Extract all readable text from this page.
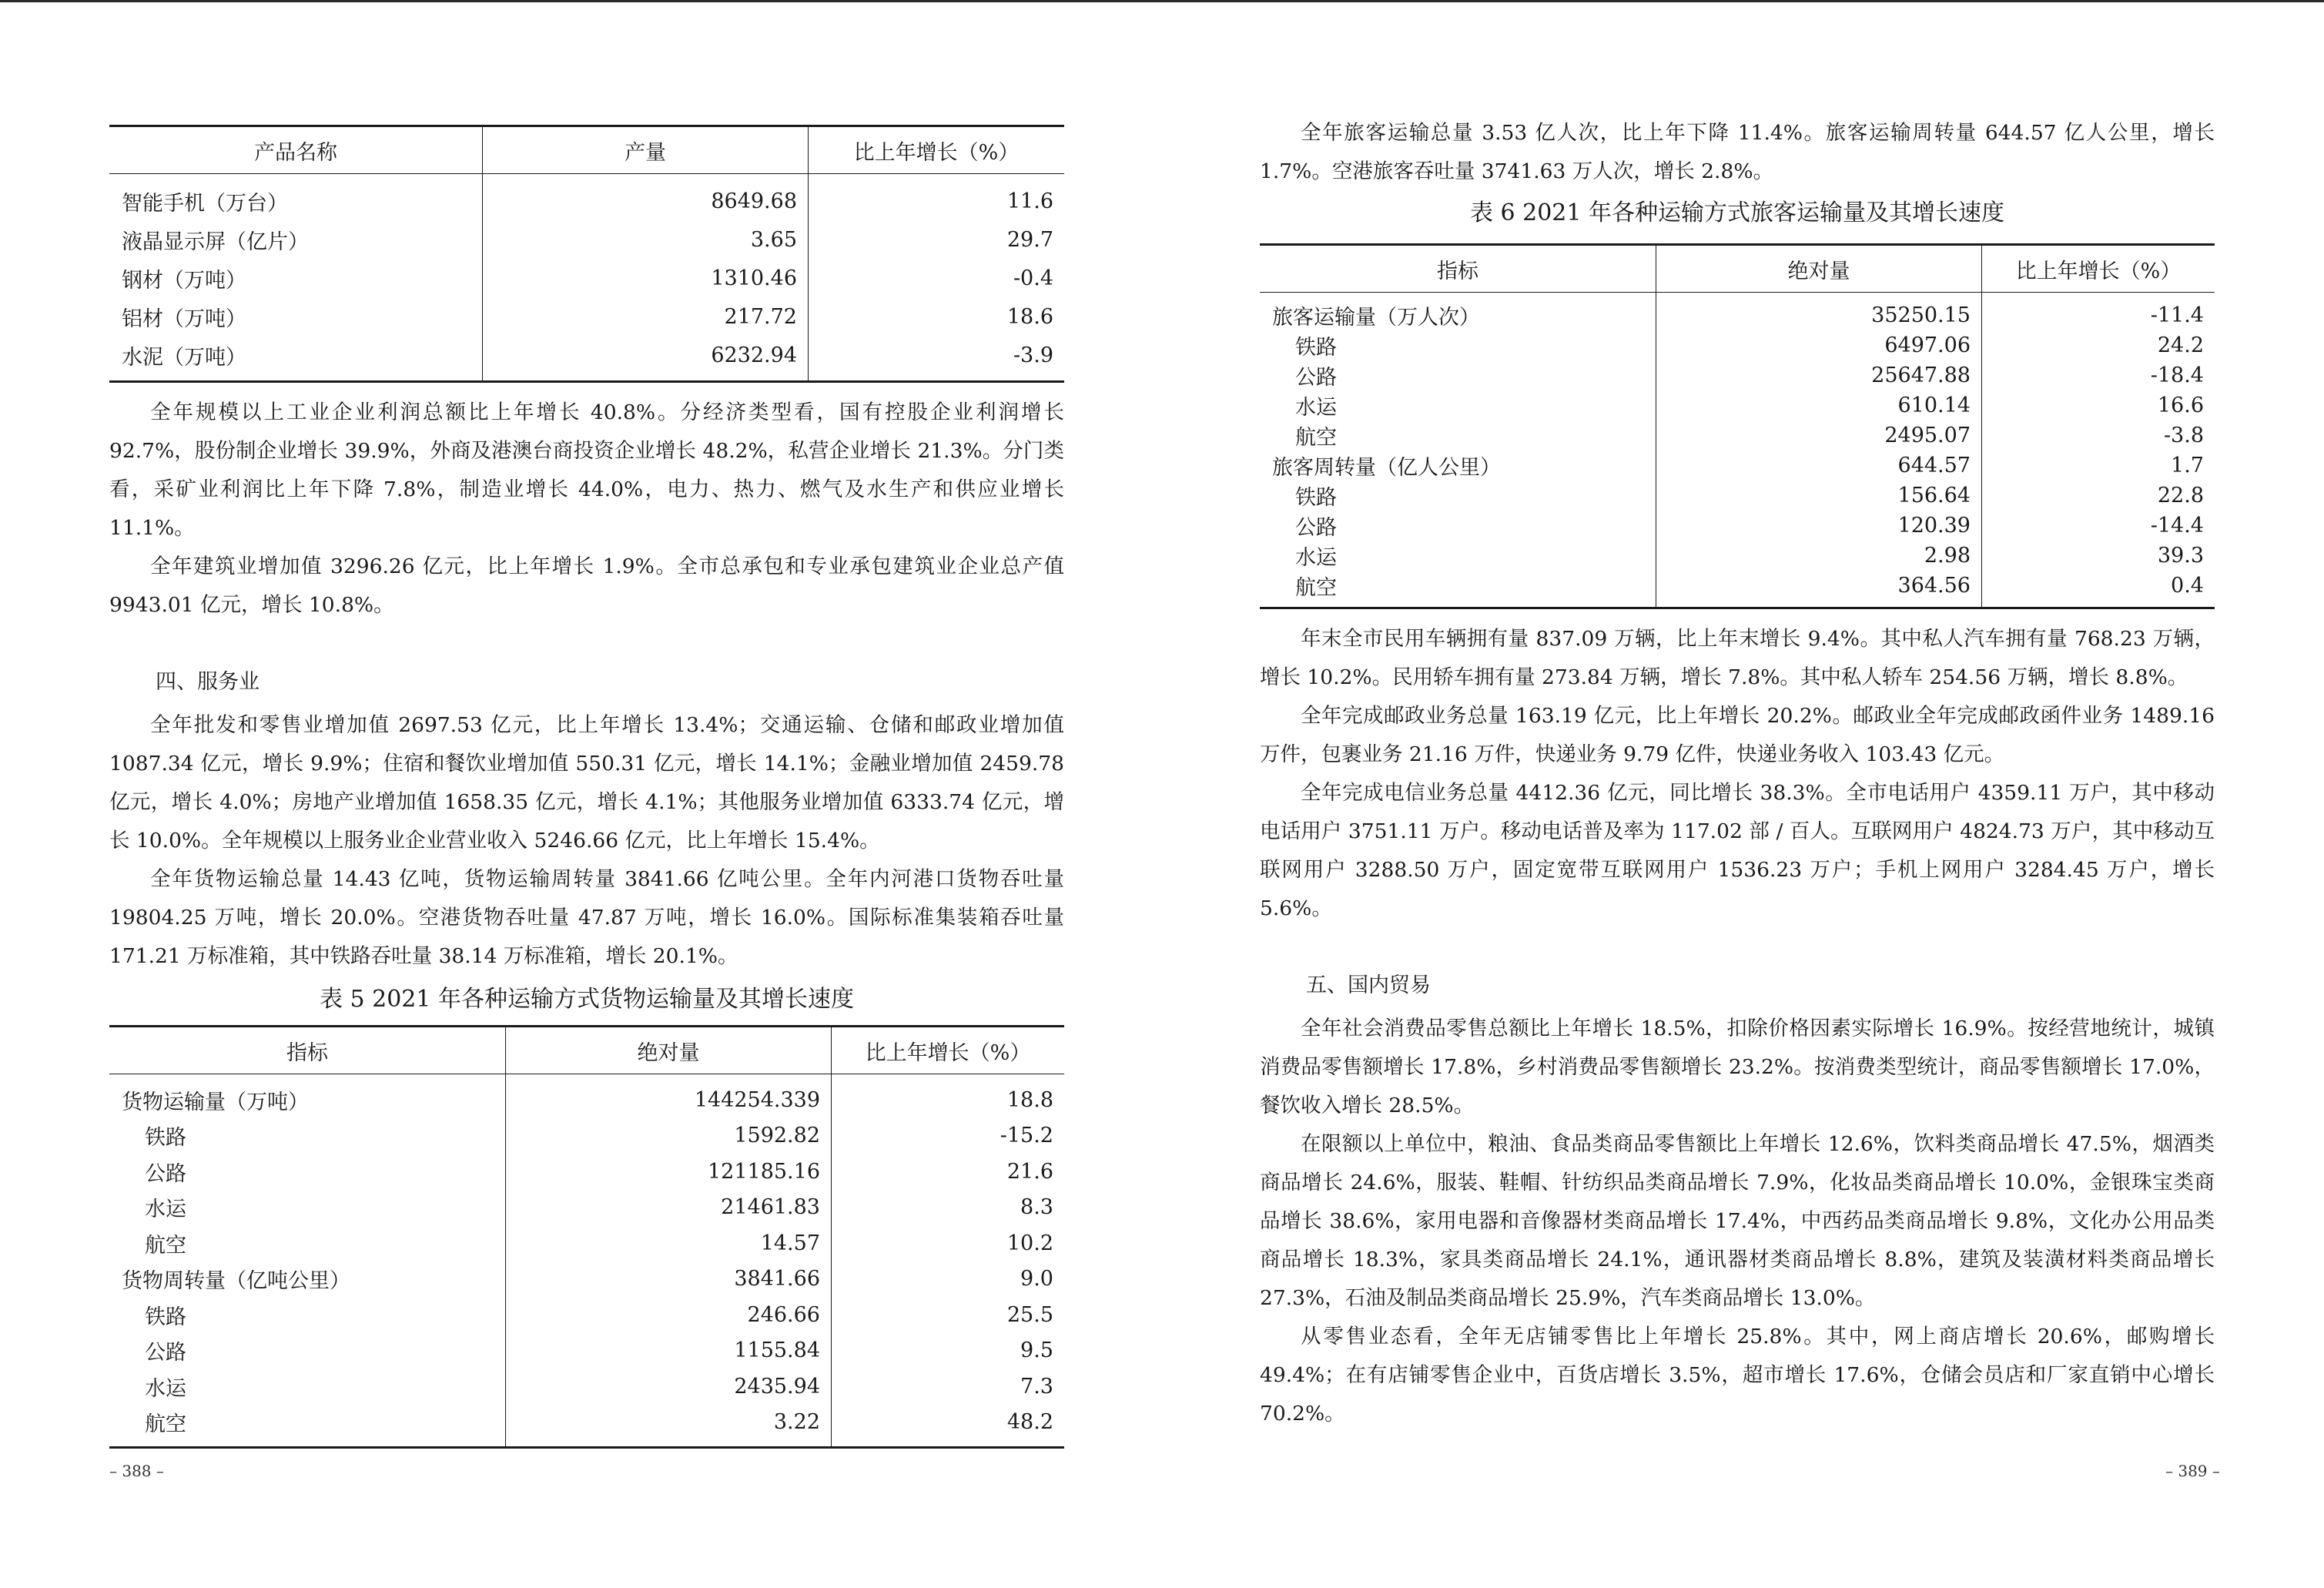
产品名称	产量	比上年增长（%）
智能手机（万台）	8649.68	11.6
液晶显示屏（亿片）	3.65	29.7
钢材（万吨）	1310.46	-0.4
铝材（万吨）	217.72	18.6
水泥（万吨）	6232.94	-3.9

全年规模以上工业企业利润总额比上年增长 40.8%。分经济类型看，国有控股企业利润增长 92.7%，股份制企业增长 39.9%，外商及港澳台商投资企业增长 48.2%，私营企业增长 21.3%。分门类看，采矿业利润比上年下降 7.8%，制造业增长 44.0%，电力、热力、燃气及水生产和供应业增长 11.1%。

全年建筑业增加值 3296.26 亿元，比上年增长 1.9%。全市总承包和专业承包建筑业企业总产值 9943.01 亿元，增长 10.8%。

四、服务业

全年批发和零售业增加值 2697.53 亿元，比上年增长 13.4%；交通运输、仓储和邮政业增加值 1087.34 亿元，增长 9.9%；住宿和餐饮业增加值 550.31 亿元，增长 14.1%；金融业增加值 2459.78 亿元，增长 4.0%；房地产业增加值 1658.35 亿元，增长 4.1%；其他服务业增加值 6333.74 亿元，增长 10.0%。全年规模以上服务业企业营业收入 5246.66 亿元，比上年增长 15.4%。

全年货物运输总量 14.43 亿吨，货物运输周转量 3841.66 亿吨公里。全年内河港口货物吞吐量 19804.25 万吨，增长 20.0%。空港货物吞吐量 47.87 万吨，增长 16.0%。国际标准集装箱吞吐量 171.21 万标准箱，其中铁路吞吐量 38.14 万标准箱，增长 20.1%。

表 5 2021 年各种运输方式货物运输量及其增长速度

指标	绝对量	比上年增长（%）
货物运输量（万吨）	144254.339	18.8
铁路	1592.82	-15.2
公路	121185.16	21.6
水运	21461.83	8.3
航空	14.57	10.2
货物周转量（亿吨公里）	3841.66	9.0
铁路	246.66	25.5
公路	1155.84	9.5
水运	2435.94	7.3
航空	3.22	48.2
– 388 –

全年旅客运输总量 3.53 亿人次，比上年下降 11.4%。旅客运输周转量 644.57 亿人公里，增长 1.7%。空港旅客吞吐量 3741.63 万人次，增长 2.8%。

表 6 2021 年各种运输方式旅客运输量及其增长速度

指标	绝对量	比上年增长（%）
旅客运输量（万人次）	35250.15	-11.4
铁路	6497.06	24.2
公路	25647.88	-18.4
水运	610.14	16.6
航空	2495.07	-3.8
旅客周转量（亿人公里）	644.57	1.7
铁路	156.64	22.8
公路	120.39	-14.4
水运	2.98	39.3
航空	364.56	0.4

年末全市民用车辆拥有量 837.09 万辆，比上年末增长 9.4%。其中私人汽车拥有量 768.23 万辆，增长 10.2%。民用轿车拥有量 273.84 万辆，增长 7.8%。其中私人轿车 254.56 万辆，增长 8.8%。

全年完成邮政业务总量 163.19 亿元，比上年增长 20.2%。邮政业全年完成邮政函件业务 1489.16 万件，包裹业务 21.16 万件，快递业务 9.79 亿件，快递业务收入 103.43 亿元。

全年完成电信业务总量 4412.36 亿元，同比增长 38.3%。全市电话用户 4359.11 万户，其中移动电话用户 3751.11 万户。移动电话普及率为 117.02 部 / 百人。互联网用户 4824.73 万户，其中移动互联网用户 3288.50 万户，固定宽带互联网用户 1536.23 万户；手机上网用户 3284.45 万户，增长 5.6%。

五、国内贸易

全年社会消费品零售总额比上年增长 18.5%，扣除价格因素实际增长 16.9%。按经营地统计，城镇消费品零售额增长 17.8%，乡村消费品零售额增长 23.2%。按消费类型统计，商品零售额增长 17.0%，餐饮收入增长 28.5%。

在限额以上单位中，粮油、食品类商品零售额比上年增长 12.6%，饮料类商品增长 47.5%，烟酒类商品增长 24.6%，服装、鞋帽、针纺织品类商品增长 7.9%，化妆品类商品增长 10.0%，金银珠宝类商品增长 38.6%，家用电器和音像器材类商品增长 17.4%，中西药品类商品增长 9.8%，文化办公用品类商品增长 18.3%，家具类商品增长 24.1%，通讯器材类商品增长 8.8%，建筑及装潢材料类商品增长 27.3%，石油及制品类商品增长 25.9%，汽车类商品增长 13.0%。

从零售业态看，全年无店铺零售比上年增长 25.8%。其中，网上商店增长 20.6%，邮购增长 49.4%；在有店铺零售企业中，百货店增长 3.5%，超市增长 17.6%，仓储会员店和厂家直销中心增长 70.2%。

– 389 –
